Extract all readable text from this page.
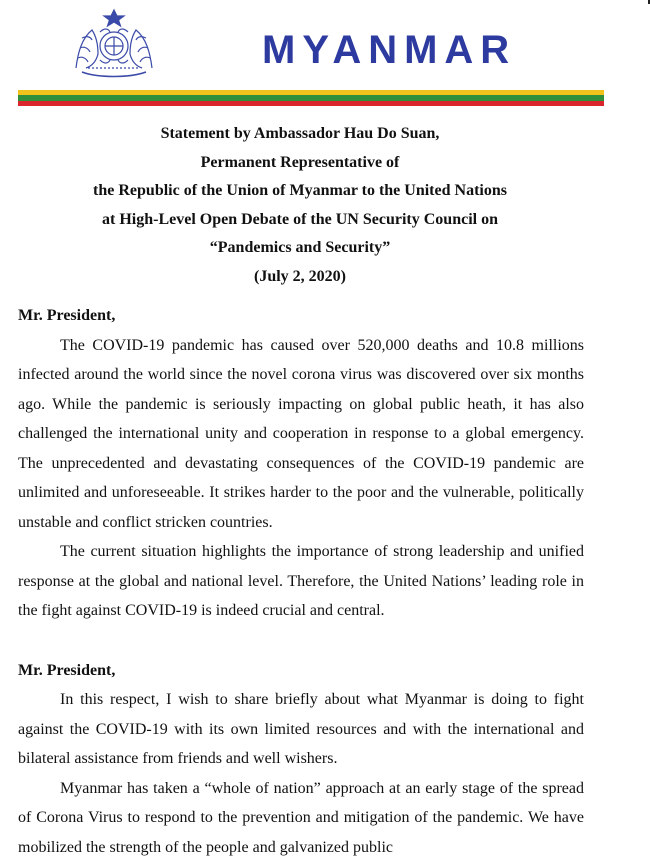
MYANMAR
Statement by Ambassador Hau Do Suan,
Permanent Representative of
the Republic of the Union of Myanmar to the United Nations
at High-Level Open Debate of the UN Security Council on
“Pandemics and Security”
(July 2, 2020)

Mr. President,

The COVID-19 pandemic has caused over 520,000 deaths and 10.8 millions infected around the world since the novel corona virus was discovered over six months ago. While the pandemic is seriously impacting on global public heath, it has also challenged the international unity and cooperation in response to a global emergency. The unprecedented and devastating consequences of the COVID-19 pandemic are unlimited and unforeseeable. It strikes harder to the poor and the vulnerable, politically unstable and conflict stricken countries.

The current situation highlights the importance of strong leadership and unified response at the global and national level. Therefore, the United Nations’ leading role in the fight against COVID-19 is indeed crucial and central.

Mr. President,

In this respect, I wish to share briefly about what Myanmar is doing to fight against the COVID-19 with its own limited resources and with the international and bilateral assistance from friends and well wishers.

Myanmar has taken a “whole of nation” approach at an early stage of the spread of Corona Virus to respond to the prevention and mitigation of the pandemic. We have mobilized the strength of the people and galvanized public
